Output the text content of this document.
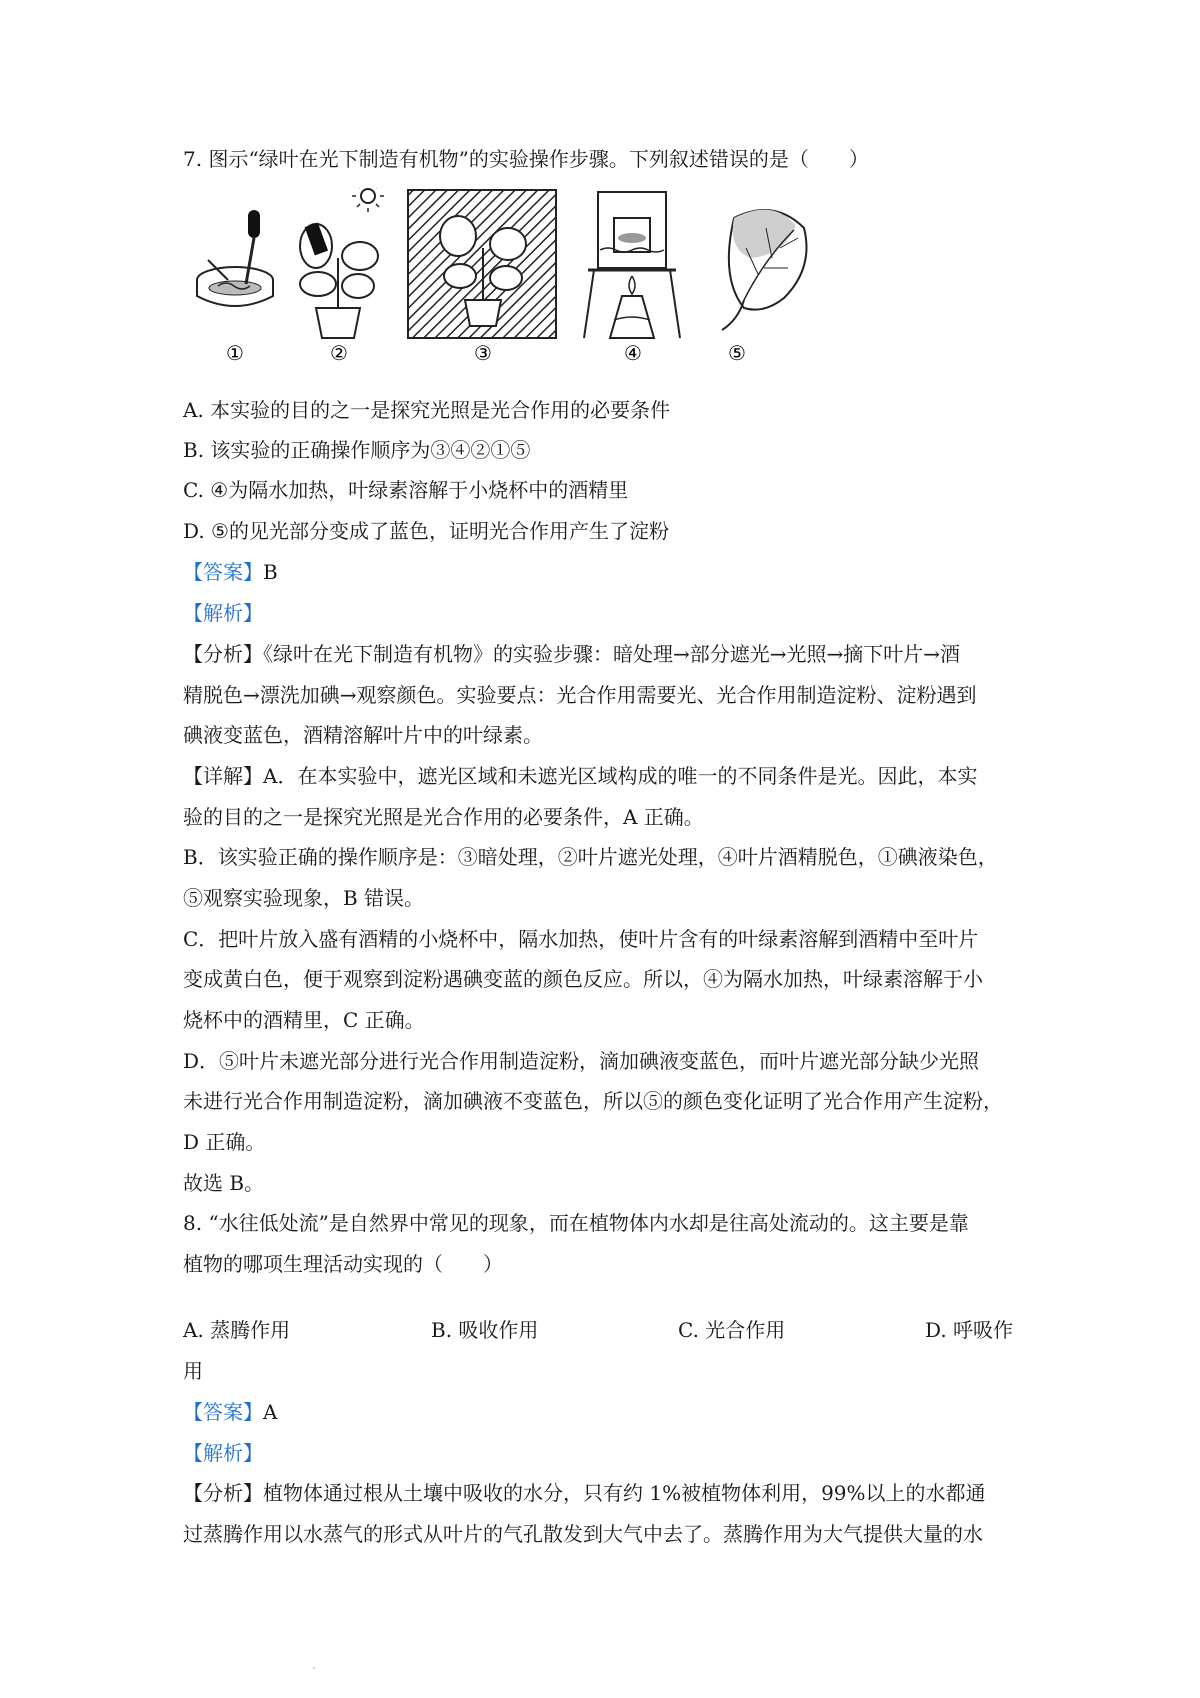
7. 图示“绿叶在光下制造有机物”的实验操作步骤。下列叙述错误的是（　　）
①	②	③	④	⑤
A. 本实验的目的之一是探究光照是光合作用的必要条件
B. 该实验的正确操作顺序为③④②①⑤
C. ④为隔水加热，叶绿素溶解于小烧杯中的酒精里
D. ⑤的见光部分变成了蓝色，证明光合作用产生了淀粉
【答案】B
【解析】
【分析】《绿叶在光下制造有机物》的实验步骤：暗处理→部分遮光→光照→摘下叶片→酒
精脱色→漂洗加碘→观察颜色。实验要点：光合作用需要光、光合作用制造淀粉、淀粉遇到
碘液变蓝色，酒精溶解叶片中的叶绿素。
【详解】A．在本实验中，遮光区域和未遮光区域构成的唯一的不同条件是光。因此，本实
验的目的之一是探究光照是光合作用的必要条件，A 正确。
B．该实验正确的操作顺序是：③暗处理，②叶片遮光处理，④叶片酒精脱色，①碘液染色，
⑤观察实验现象，B 错误。
C．把叶片放入盛有酒精的小烧杯中，隔水加热，使叶片含有的叶绿素溶解到酒精中至叶片
变成黄白色，便于观察到淀粉遇碘变蓝的颜色反应。所以，④为隔水加热，叶绿素溶解于小
烧杯中的酒精里，C 正确。
D．⑤叶片未遮光部分进行光合作用制造淀粉，滴加碘液变蓝色，而叶片遮光部分缺少光照
未进行光合作用制造淀粉，滴加碘液不变蓝色，所以⑤的颜色变化证明了光合作用产生淀粉，
D 正确。
故选 B。
8. “水往低处流”是自然界中常见的现象，而在植物体内水却是往高处流动的。这主要是靠
植物的哪项生理活动实现的（　　）
A. 蒸腾作用	B. 吸收作用	C. 光合作用	D. 呼吸作
用
【答案】A
【解析】
【分析】植物体通过根从土壤中吸收的水分，只有约 1%被植物体利用，99%以上的水都通
过蒸腾作用以水蒸气的形式从叶片的气孔散发到大气中去了。蒸腾作用为大气提供大量的水
